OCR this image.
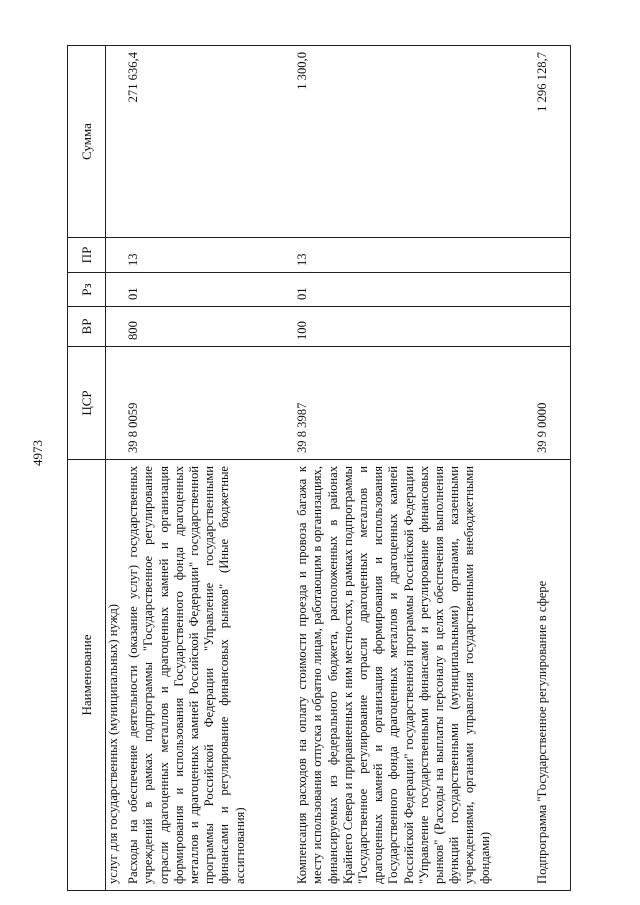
4973
Наименование	ЦСР	ВР	Рз	ПР	Сумма
услуг для государственных (муниципальных) нужд)					
Расходы на обеспечение деятельности (оказание услуг) государственных учреждений в рамках подпрограммы "Государственное регулирование отрасли драгоценных металлов и драгоценных камней и организация формирования и использования Государственного фонда драгоценных металлов и драгоценных камней Российской Федерации" государственной программы Российской Федерации "Управление государственными финансами и регулирование финансовых рынков" (Иные бюджетные ассигнования)	39 8 0059	800	01	13	271 636,4
Компенсация расходов на оплату стоимости проезда и провоза багажа к месту использования отпуска и обратно лицам, работающим в организациях, финансируемых из федерального бюджета, расположенных в районах Крайнего Севера и приравненных к ним местностях, в рамках подпрограммы "Государственное регулирование отрасли драгоценных металлов и драгоценных камней и организация формирования и использования Государственного фонда драгоценных металлов и драгоценных камней Российской Федерации" государственной программы Российской Федерации "Управление государственными финансами и регулирование финансовых рынков" (Расходы на выплаты персоналу в целях обеспечения выполнения функций государственными (муниципальными) органами, казенными учреждениями, органами управления государственными внебюджетными фондами)	39 8 3987	100	01	13	1 300,0
Подпрограмма "Государственное регулирование в сфере	39 9 0000				1 296 128,7
